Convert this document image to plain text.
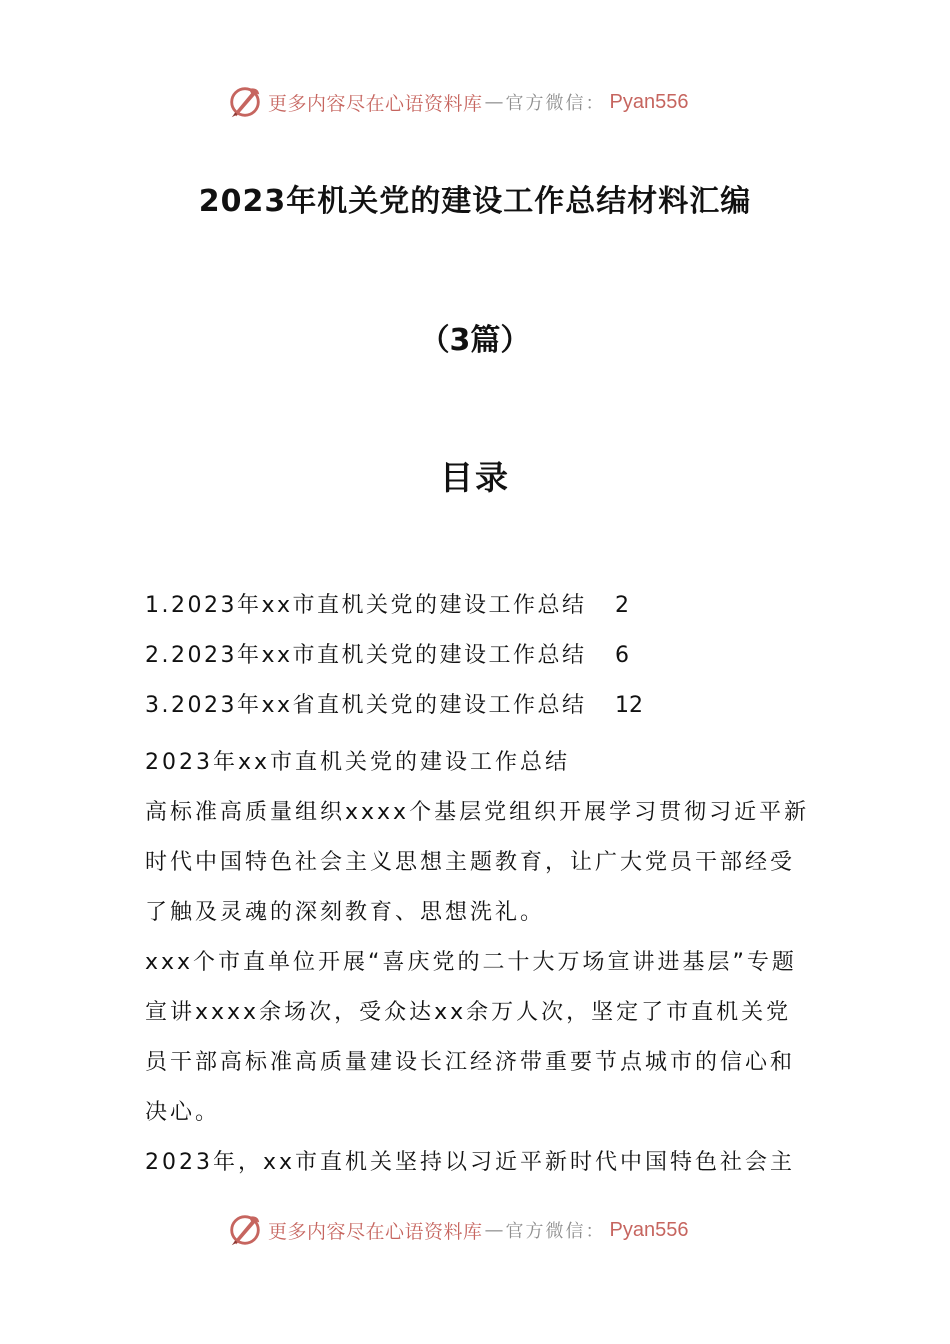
更多内容尽在心语资料库 — 官方微信： Pyan556
2023年机关党的建设工作总结材料汇编
（3篇）
目录
1.2023年xx市直机关党的建设工作总结	2
2.2023年xx市直机关党的建设工作总结	6
3.2023年xx省直机关党的建设工作总结	12

2023年xx市直机关党的建设工作总结

高标准高质量组织xxxx个基层党组织开展学习贯彻习近平新时代中国特色社会主义思想主题教育，让广大党员干部经受了触及灵魂的深刻教育、思想洗礼。

xxx个市直单位开展“喜庆党的二十大万场宣讲进基层”专题宣讲xxxx余场次，受众达xx余万人次，坚定了市直机关党员干部高标准高质量建设长江经济带重要节点城市的信心和决心。

2023年，xx市直机关坚持以习近平新时代中国特色社会主

更多内容尽在心语资料库 — 官方微信： Pyan556
